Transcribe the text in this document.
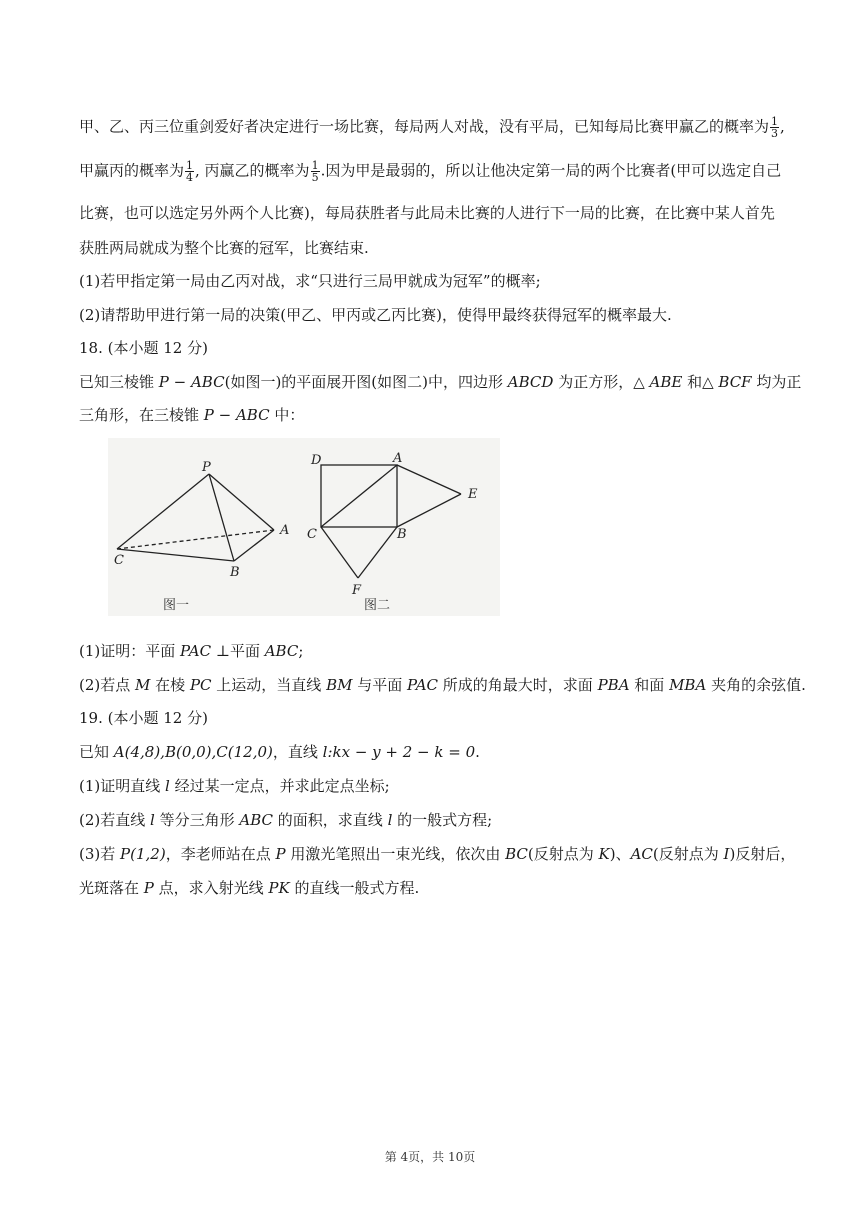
甲、乙、丙三位重剑爱好者决定进行一场比赛，每局两人对战，没有平局，已知每局比赛甲赢乙的概率为 $\frac{1}{3}$ ,
甲赢丙的概率为 $\frac{1}{4}$ , 丙赢乙的概率为 $\frac{1}{5}$ .因为甲是最弱的，所以让他决定第一局的两个比赛者(甲可以选定自己
比赛，也可以选定另外两个人比赛)，每局获胜者与此局未比赛的人进行下一局的比赛，在比赛中某人首先
获胜两局就成为整个比赛的冠军，比赛结束.
(1)若甲指定第一局由乙丙对战，求“只进行三局甲就成为冠军”的概率;
(2)请帮助甲进行第一局的决策(甲乙、甲丙或乙丙比赛)，使得甲最终获得冠军的概率最大.
18. (本小题 12 分)
已知三棱锥 P − ABC(如图一)的平面展开图(如图二)中，四边形 ABCD 为正方形，△ ABE 和△ BCF 均为正
三角形，在三棱锥 P − ABC 中：
P
A
B
C
图一
D	A
E
C	B
F
图二
(1)证明：平面 PAC ⊥平面 ABC;
(2)若点 M 在棱 PC 上运动，当直线 BM 与平面 PAC 所成的角最大时，求面 PBA 和面 MBA 夹角的余弦值.
19. (本小题 12 分)
已知 A(4,8),B(0,0),C(12,0)，直线 l:kx − y + 2 − k = 0.
(1)证明直线 l 经过某一定点，并求此定点坐标;
(2)若直线 l 等分三角形 ABC 的面积，求直线 l 的一般式方程;
(3)若 P(1,2)，李老师站在点 P 用激光笔照出一束光线，依次由 BC(反射点为 K)、AC(反射点为 I)反射后，
光斑落在 P 点，求入射光线 PK 的直线一般式方程.
第 4页，共 10页
